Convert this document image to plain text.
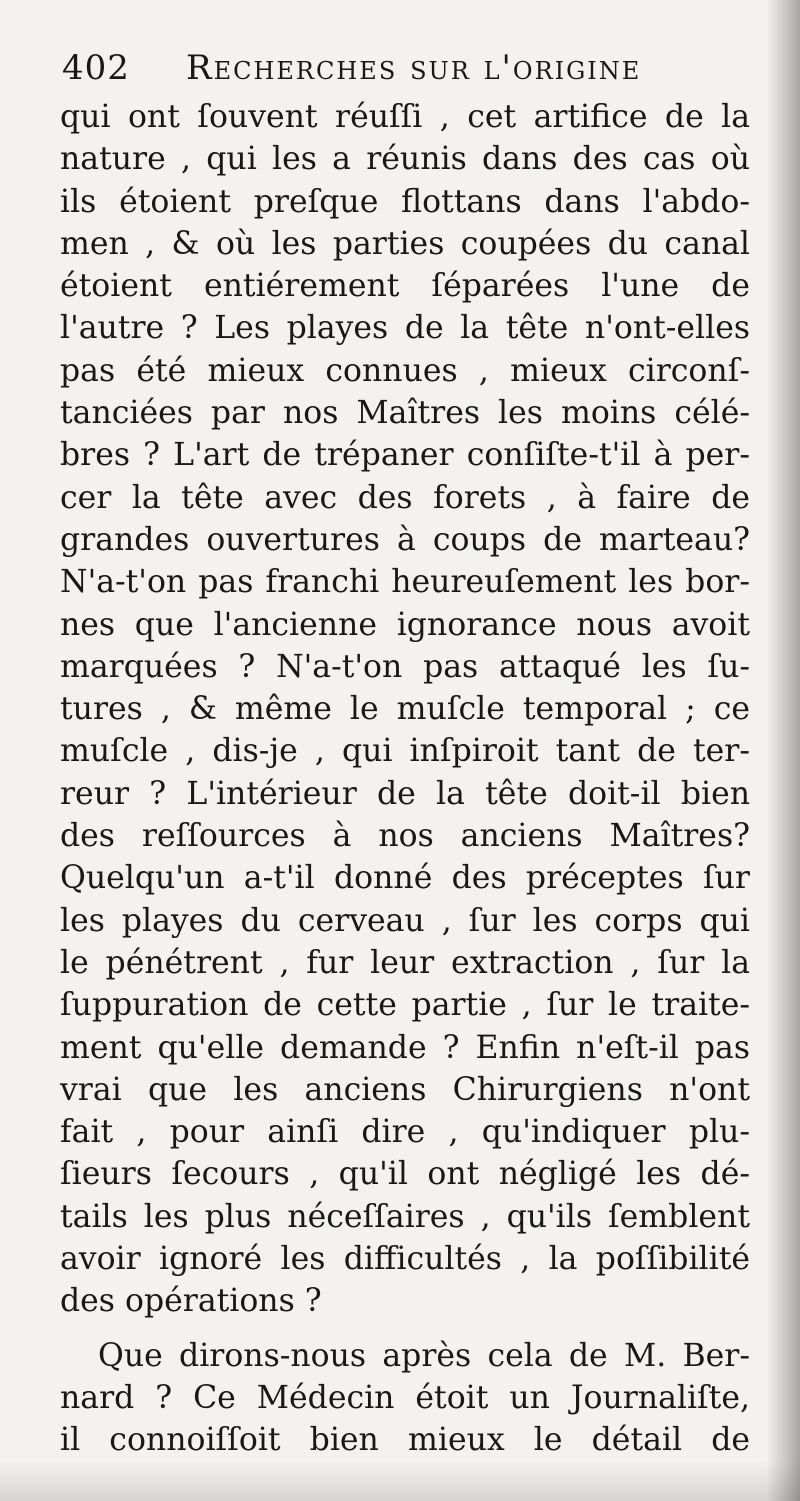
402 Recherches sur l'origine
qui ont ſouvent réuſſi , cet artifice de la
nature , qui les a réunis dans des cas où
ils étoient preſque flottans dans l'abdo-
men , & où les parties coupées du canal
étoient entiérement ſéparées l'une de
l'autre ? Les playes de la tête n'ont-elles
pas été mieux connues , mieux circonſ-
tanciées par nos Maîtres les moins célé-
bres ? L'art de trépaner conſiſte-t'il à per-
cer la tête avec des forets , à faire de
grandes ouvertures à coups de marteau?
N'a-t'on pas franchi heureuſement les bor-
nes que l'ancienne ignorance nous avoit
marquées ? N'a-t'on pas attaqué les ſu-
tures , & même le muſcle temporal ; ce
muſcle , dis-je , qui inſpiroit tant de ter-
reur ? L'intérieur de la tête doit-il bien
des reſſources à nos anciens Maîtres?
Quelqu'un a-t'il donné des préceptes ſur
les playes du cerveau , ſur les corps qui
le pénétrent , fur leur extraction , ſur la
ſuppuration de cette partie , ſur le traite-
ment qu'elle demande ? Enfin n'eſt-il pas
vrai que les anciens Chirurgiens n'ont
fait , pour ainſi dire , qu'indiquer plu-
ſieurs ſecours , qu'il ont négligé les dé-
tails les plus néceſſaires , qu'ils ſemblent
avoir ignoré les difficultés , la poſſibilité
des opérations ?
Que dirons-nous après cela de M. Ber-
nard ? Ce Médecin étoit un Journaliſte,
il connoiſſoit bien mieux le détail de
